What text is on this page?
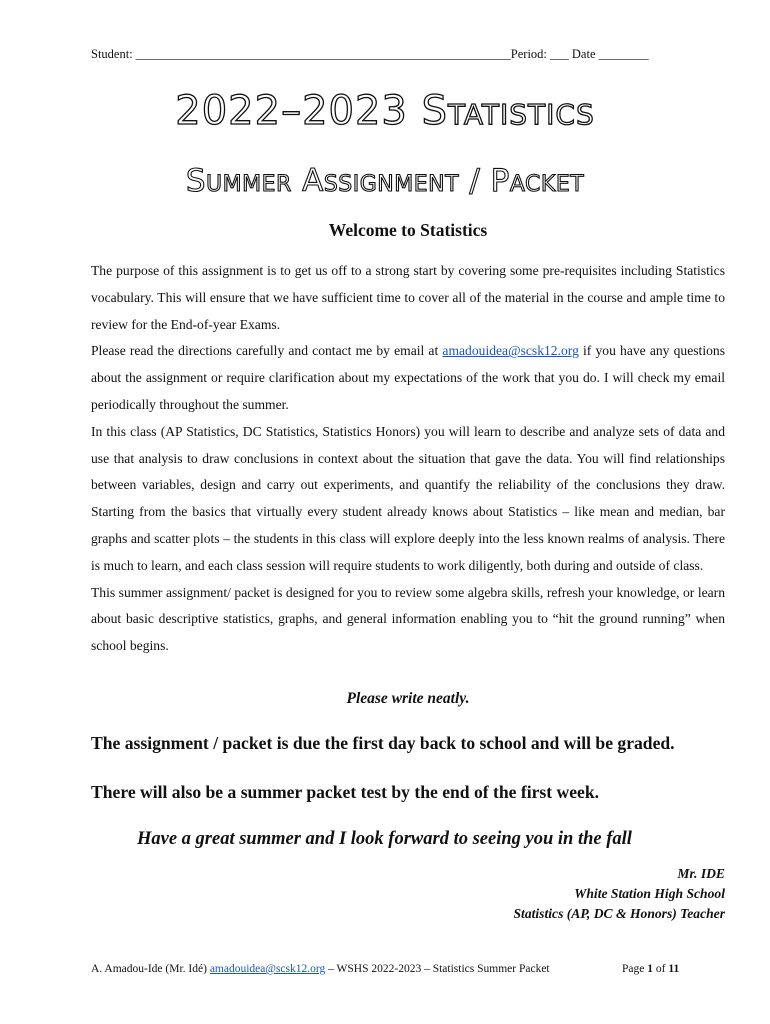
Student: ____________________________________________________________Period: ___ Date ________
2022–2023 Statistics
Summer Assignment / Packet
Welcome to Statistics

The purpose of this assignment is to get us off to a strong start by covering some pre-requisites including Statistics vocabulary. This will ensure that we have sufficient time to cover all of the material in the course and ample time to review for the End-of-year Exams.

Please read the directions carefully and contact me by email at amadouidea@scsk12.org if you have any questions about the assignment or require clarification about my expectations of the work that you do. I will check my email periodically throughout the summer.

In this class (AP Statistics, DC Statistics, Statistics Honors) you will learn to describe and analyze sets of data and use that analysis to draw conclusions in context about the situation that gave the data. You will find relationships between variables, design and carry out experiments, and quantify the reliability of the conclusions they draw. Starting from the basics that virtually every student already knows about Statistics – like mean and median, bar graphs and scatter plots – the students in this class will explore deeply into the less known realms of analysis. There is much to learn, and each class session will require students to work diligently, both during and outside of class.

This summer assignment/ packet is designed for you to review some algebra skills, refresh your knowledge, or learn about basic descriptive statistics, graphs, and general information enabling you to “hit the ground running” when school begins.

Please write neatly.
The assignment / packet is due the first day back to school and will be graded.
There will also be a summer packet test by the end of the first week.
Have a great summer and I look forward to seeing you in the fall
Mr. IDE
White Station High School
Statistics (AP, DC & Honors) Teacher
A. Amadou-Ide (Mr. Idé) amadouidea@scsk12.org – WSHS 2022-2023 – Statistics Summer Packet	Page 1 of 11
